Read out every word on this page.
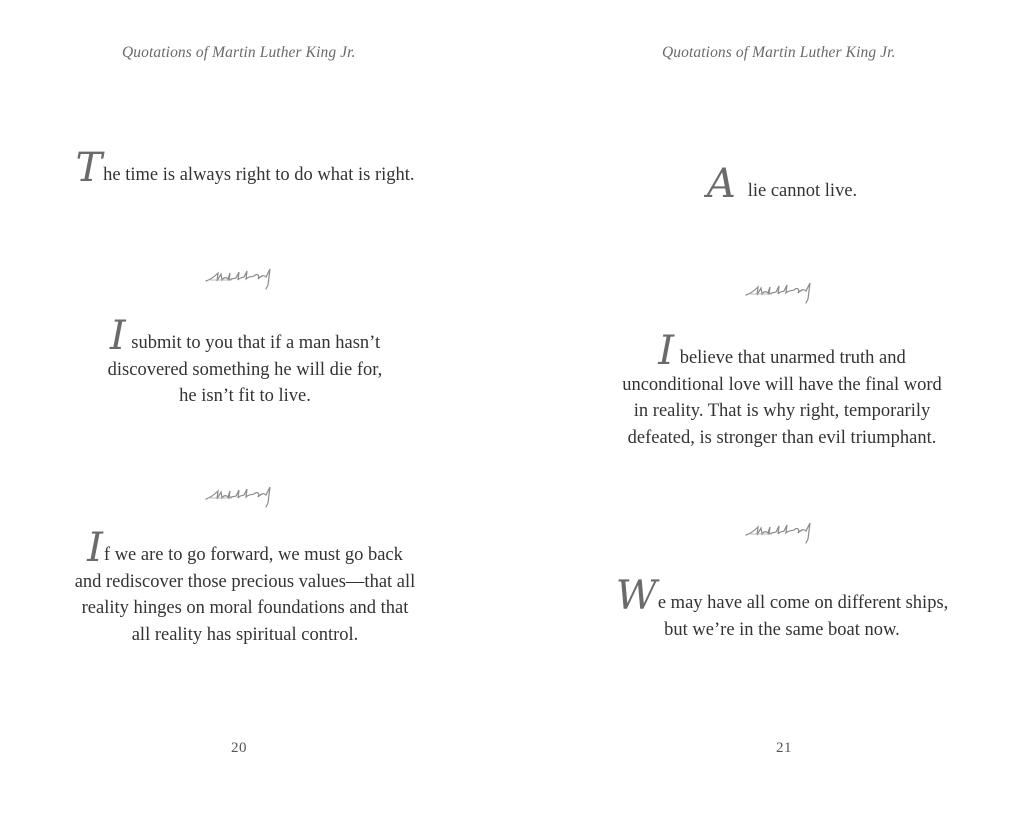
Quotations of Martin Luther King Jr.
The time is always right to do what is right.
I submit to you that if a man hasn’t
discovered something he will die for,
he isn’t fit to live.
If we are to go forward, we must go back
and rediscover those precious values—that all
reality hinges on moral foundations and that
all reality has spiritual control.
20
Quotations of Martin Luther King Jr.
Alie cannot live.
I believe that unarmed truth and
unconditional love will have the final word
in reality. That is why right, temporarily
defeated, is stronger than evil triumphant.
We may have all come on different ships,
but we’re in the same boat now.
21
